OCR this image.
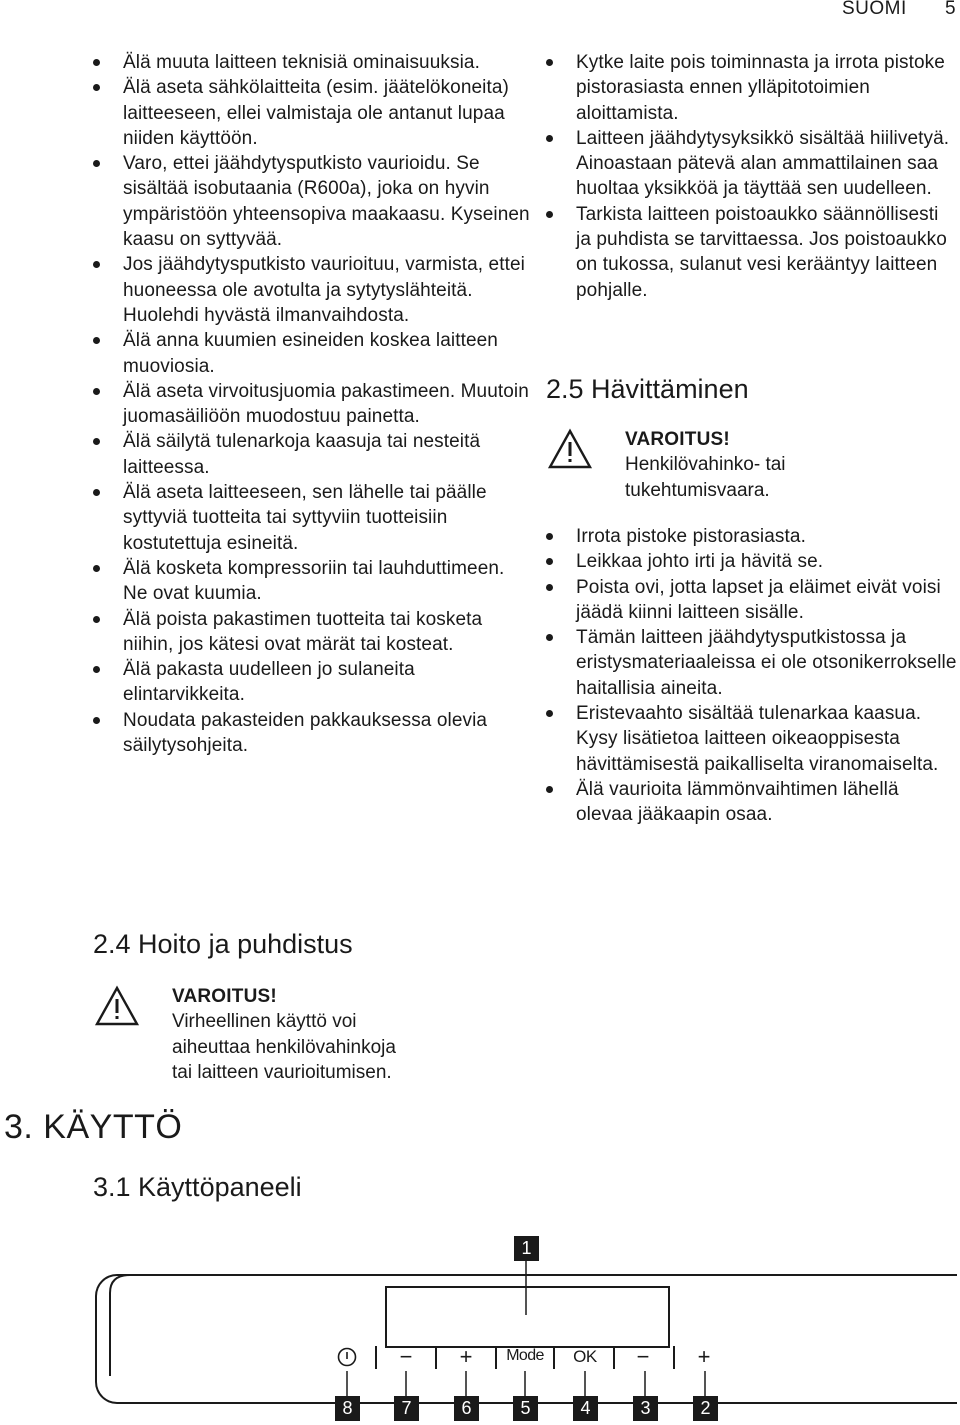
SUOMI 5
Älä muuta laitteen teknisiä ominaisuuksia.
Älä aseta sähkölaitteita (esim. jäätelökoneita) laitteeseen, ellei valmistaja ole antanut lupaa niiden käyttöön.
Varo, ettei jäähdytysputkisto vaurioidu. Se sisältää isobutaania (R600a), joka on hyvin ympäristöön yhteensopiva maakaasu. Kyseinen kaasu on syttyvää.
Jos jäähdytysputkisto vaurioituu, varmista, ettei huoneessa ole avotulta ja sytytyslähteitä. Huolehdi hyvästä ilmanvaihdosta.
Älä anna kuumien esineiden koskea laitteen muoviosia.
Älä aseta virvoitusjuomia pakastimeen. Muutoin juomasäiliöön muodostuu painetta.
Älä säilytä tulenarkoja kaasuja tai nesteitä laitteessa.
Älä aseta laitteeseen, sen lähelle tai päälle syttyviä tuotteita tai syttyviin tuotteisiin kostutettuja esineitä.
Älä kosketa kompressoriin tai lauhduttimeen. Ne ovat kuumia.
Älä poista pakastimen tuotteita tai kosketa niihin, jos kätesi ovat märät tai kosteat.
Älä pakasta uudelleen jo sulaneita elintarvikkeita.
Noudata pakasteiden pakkauksessa olevia säilytysohjeita.
2.4 Hoito ja puhdistus
VAROITUS!
Virheellinen käyttö voi
aiheuttaa henkilövahinkoja
tai laitteen vaurioitumisen.
Kytke laite pois toiminnasta ja irrota pistoke pistorasiasta ennen ylläpitotoimien aloittamista.
Laitteen jäähdytysyksikkö sisältää hiilivetyä. Ainoastaan pätevä alan ammattilainen saa huoltaa yksikköä ja täyttää sen uudelleen.
Tarkista laitteen poistoaukko säännöllisesti ja puhdista se tarvittaessa. Jos poistoaukko on tukossa, sulanut vesi kerääntyy laitteen pohjalle.
2.5 Hävittäminen
VAROITUS!
Henkilövahinko- tai
tukehtumisvaara.
Irrota pistoke pistorasiasta.
Leikkaa johto irti ja hävitä se.
Poista ovi, jotta lapset ja eläimet eivät voisi jäädä kiinni laitteen sisälle.
Tämän laitteen jäähdytysputkistossa ja eristysmateriaaleissa ei ole otsonikerrokselle haitallisia aineita.
Eristevaahto sisältää tulenarkaa kaasua. Kysy lisätietoa laitteen oikeaoppisesta hävittämisestä paikalliselta viranomaiselta.
Älä vaurioita lämmönvaihtimen lähellä olevaa jääkaapin osaa.
3. KÄYTTÖ
3.1 Käyttöpaneeli
1
− +	Mode	OK	− +
8	7	6	5	4	3	2
